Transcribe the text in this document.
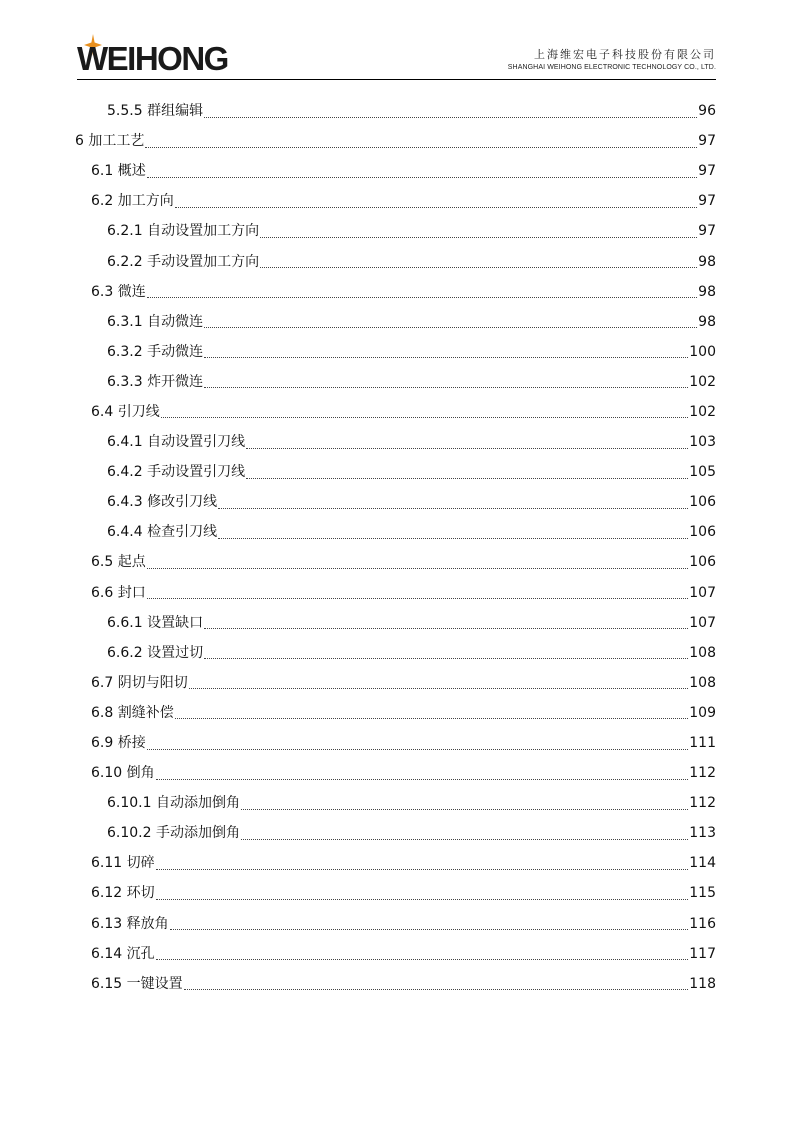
WEIHONG	上海维宏电子科技股份有限公司
SHANGHAI WEIHONG ELECTRONIC TECHNOLOGY CO., LTD.
5.5.5 群组编辑	96
6 加工工艺	97
6.1 概述	97
6.2 加工方向	97
6.2.1 自动设置加工方向	97
6.2.2 手动设置加工方向	98
6.3 微连	98
6.3.1 自动微连	98
6.3.2 手动微连	100
6.3.3 炸开微连	102
6.4 引刀线	102
6.4.1 自动设置引刀线	103
6.4.2 手动设置引刀线	105
6.4.3 修改引刀线	106
6.4.4 检查引刀线	106
6.5 起点	106
6.6 封口	107
6.6.1 设置缺口	107
6.6.2 设置过切	108
6.7 阴切与阳切	108
6.8 割缝补偿	109
6.9 桥接	111
6.10 倒角	112
6.10.1 自动添加倒角	112
6.10.2 手动添加倒角	113
6.11 切碎	114
6.12 环切	115
6.13 释放角	116
6.14 沉孔	117
6.15 一键设置	118
